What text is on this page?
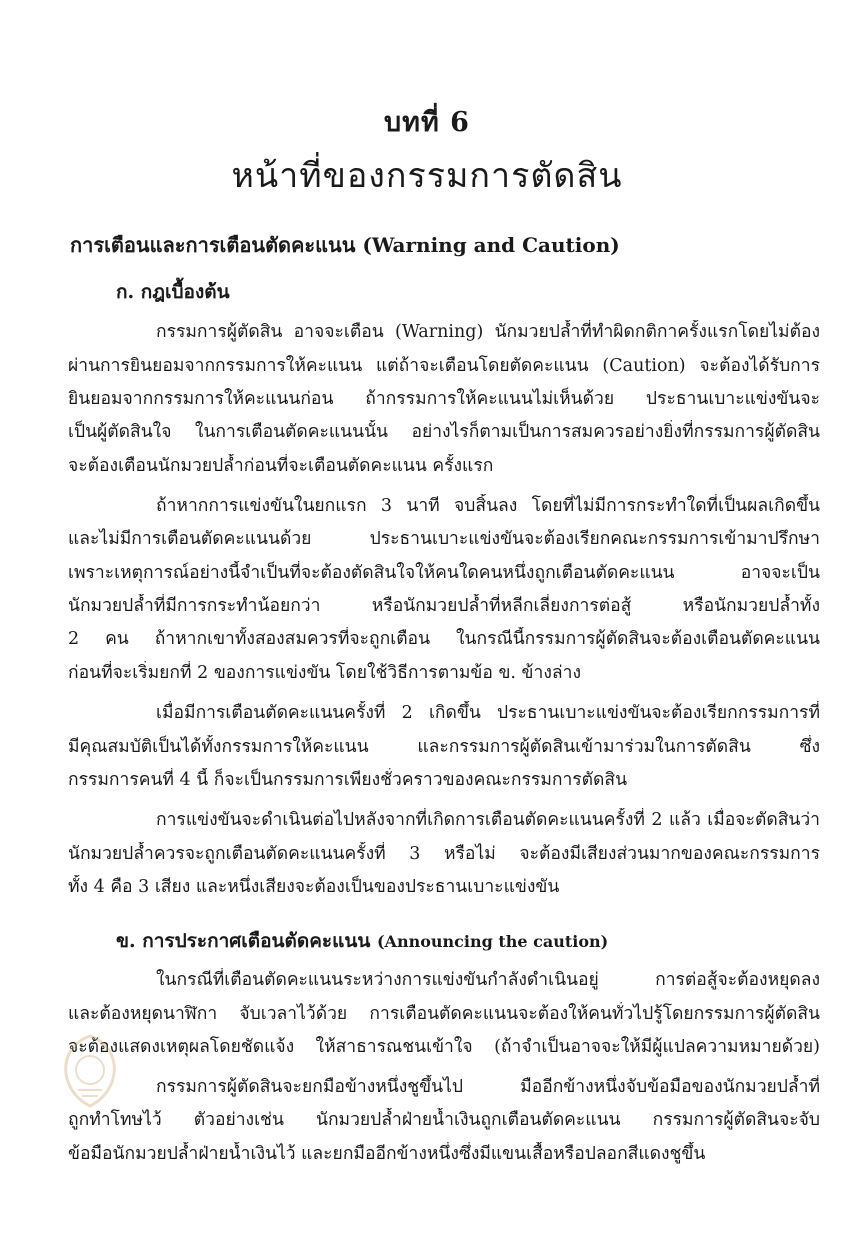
บทที่ 6
หน้าที่ของกรรมการตัดสิน
การเตือนและการเตือนตัดคะแนน (Warning and Caution)
ก. กฎเบื้องต้น
กรรมการผู้ตัดสิน อาจจะเตือน (Warning) นักมวยปล้ำที่ทำผิดกติกาครั้งแรกโดยไม่ต้อง
ผ่านการยินยอมจากกรรมการให้คะแนน แต่ถ้าจะเตือนโดยตัดคะแนน (Caution) จะต้องได้รับการ
ยินยอมจากกรรมการให้คะแนนก่อน ถ้ากรรมการให้คะแนนไม่เห็นด้วย ประธานเบาะแข่งขันจะ
เป็นผู้ตัดสินใจ ในการเตือนตัดคะแนนนั้น อย่างไรก็ตามเป็นการสมควรอย่างยิ่งที่กรรมการผู้ตัดสิน
จะต้องเตือนนักมวยปล้ำก่อนที่จะเตือนตัดคะแนน ครั้งแรก
ถ้าหากการแข่งขันในยกแรก 3 นาที จบสิ้นลง โดยที่ไม่มีการกระทำใดที่เป็นผลเกิดขึ้น
และไม่มีการเตือนตัดคะแนนด้วย ประธานเบาะแข่งขันจะต้องเรียกคณะกรรมการเข้ามาปรึกษา
เพราะเหตุการณ์อย่างนี้จำเป็นที่จะต้องตัดสินใจให้คนใดคนหนึ่งถูกเตือนตัดคะแนน อาจจะเป็น
นักมวยปล้ำที่มีการกระทำน้อยกว่า หรือนักมวยปล้ำที่หลีกเลี่ยงการต่อสู้ หรือนักมวยปล้ำทั้ง
2 คน ถ้าหากเขาทั้งสองสมควรที่จะถูกเตือน ในกรณีนี้กรรมการผู้ตัดสินจะต้องเตือนตัดคะแนน
ก่อนที่จะเริ่มยกที่ 2 ของการแข่งขัน โดยใช้วิธีการตามข้อ ข. ข้างล่าง
เมื่อมีการเตือนตัดคะแนนครั้งที่ 2 เกิดขึ้น ประธานเบาะแข่งขันจะต้องเรียกกรรมการที่
มีคุณสมบัติเป็นได้ทั้งกรรมการให้คะแนน และกรรมการผู้ตัดสินเข้ามาร่วมในการตัดสิน ซึ่ง
กรรมการคนที่ 4 นี้ ก็จะเป็นกรรมการเพียงชั่วคราวของคณะกรรมการตัดสิน
การแข่งขันจะดำเนินต่อไปหลังจากที่เกิดการเตือนตัดคะแนนครั้งที่ 2 แล้ว เมื่อจะตัดสินว่า
นักมวยปล้ำควรจะถูกเตือนตัดคะแนนครั้งที่ 3 หรือไม่ จะต้องมีเสียงส่วนมากของคณะกรรมการ
ทั้ง 4 คือ 3 เสียง และหนึ่งเสียงจะต้องเป็นของประธานเบาะแข่งขัน
ข. การประกาศเตือนตัดคะแนน (Announcing the caution)
ในกรณีที่เตือนตัดคะแนนระหว่างการแข่งขันกำลังดำเนินอยู่ การต่อสู้จะต้องหยุดลง
และต้องหยุดนาฬิกา จับเวลาไว้ด้วย การเตือนตัดคะแนนจะต้องให้คนทั่วไปรู้โดยกรรมการผู้ตัดสิน
จะต้องแสดงเหตุผลโดยชัดแจ้ง ให้สาธารณชนเข้าใจ (ถ้าจำเป็นอาจจะให้มีผู้แปลความหมายด้วย)
กรรมการผู้ตัดสินจะยกมือข้างหนึ่งชูขึ้นไป มืออีกข้างหนึ่งจับข้อมือของนักมวยปล้ำที่
ถูกทำโทษไว้ ตัวอย่างเช่น นักมวยปล้ำฝ่ายน้ำเงินถูกเตือนตัดคะแนน กรรมการผู้ตัดสินจะจับ
ข้อมือนักมวยปล้ำฝ่ายน้ำเงินไว้ และยกมืออีกข้างหนึ่งซึ่งมีแขนเสื้อหรือปลอกสีแดงชูขึ้น
